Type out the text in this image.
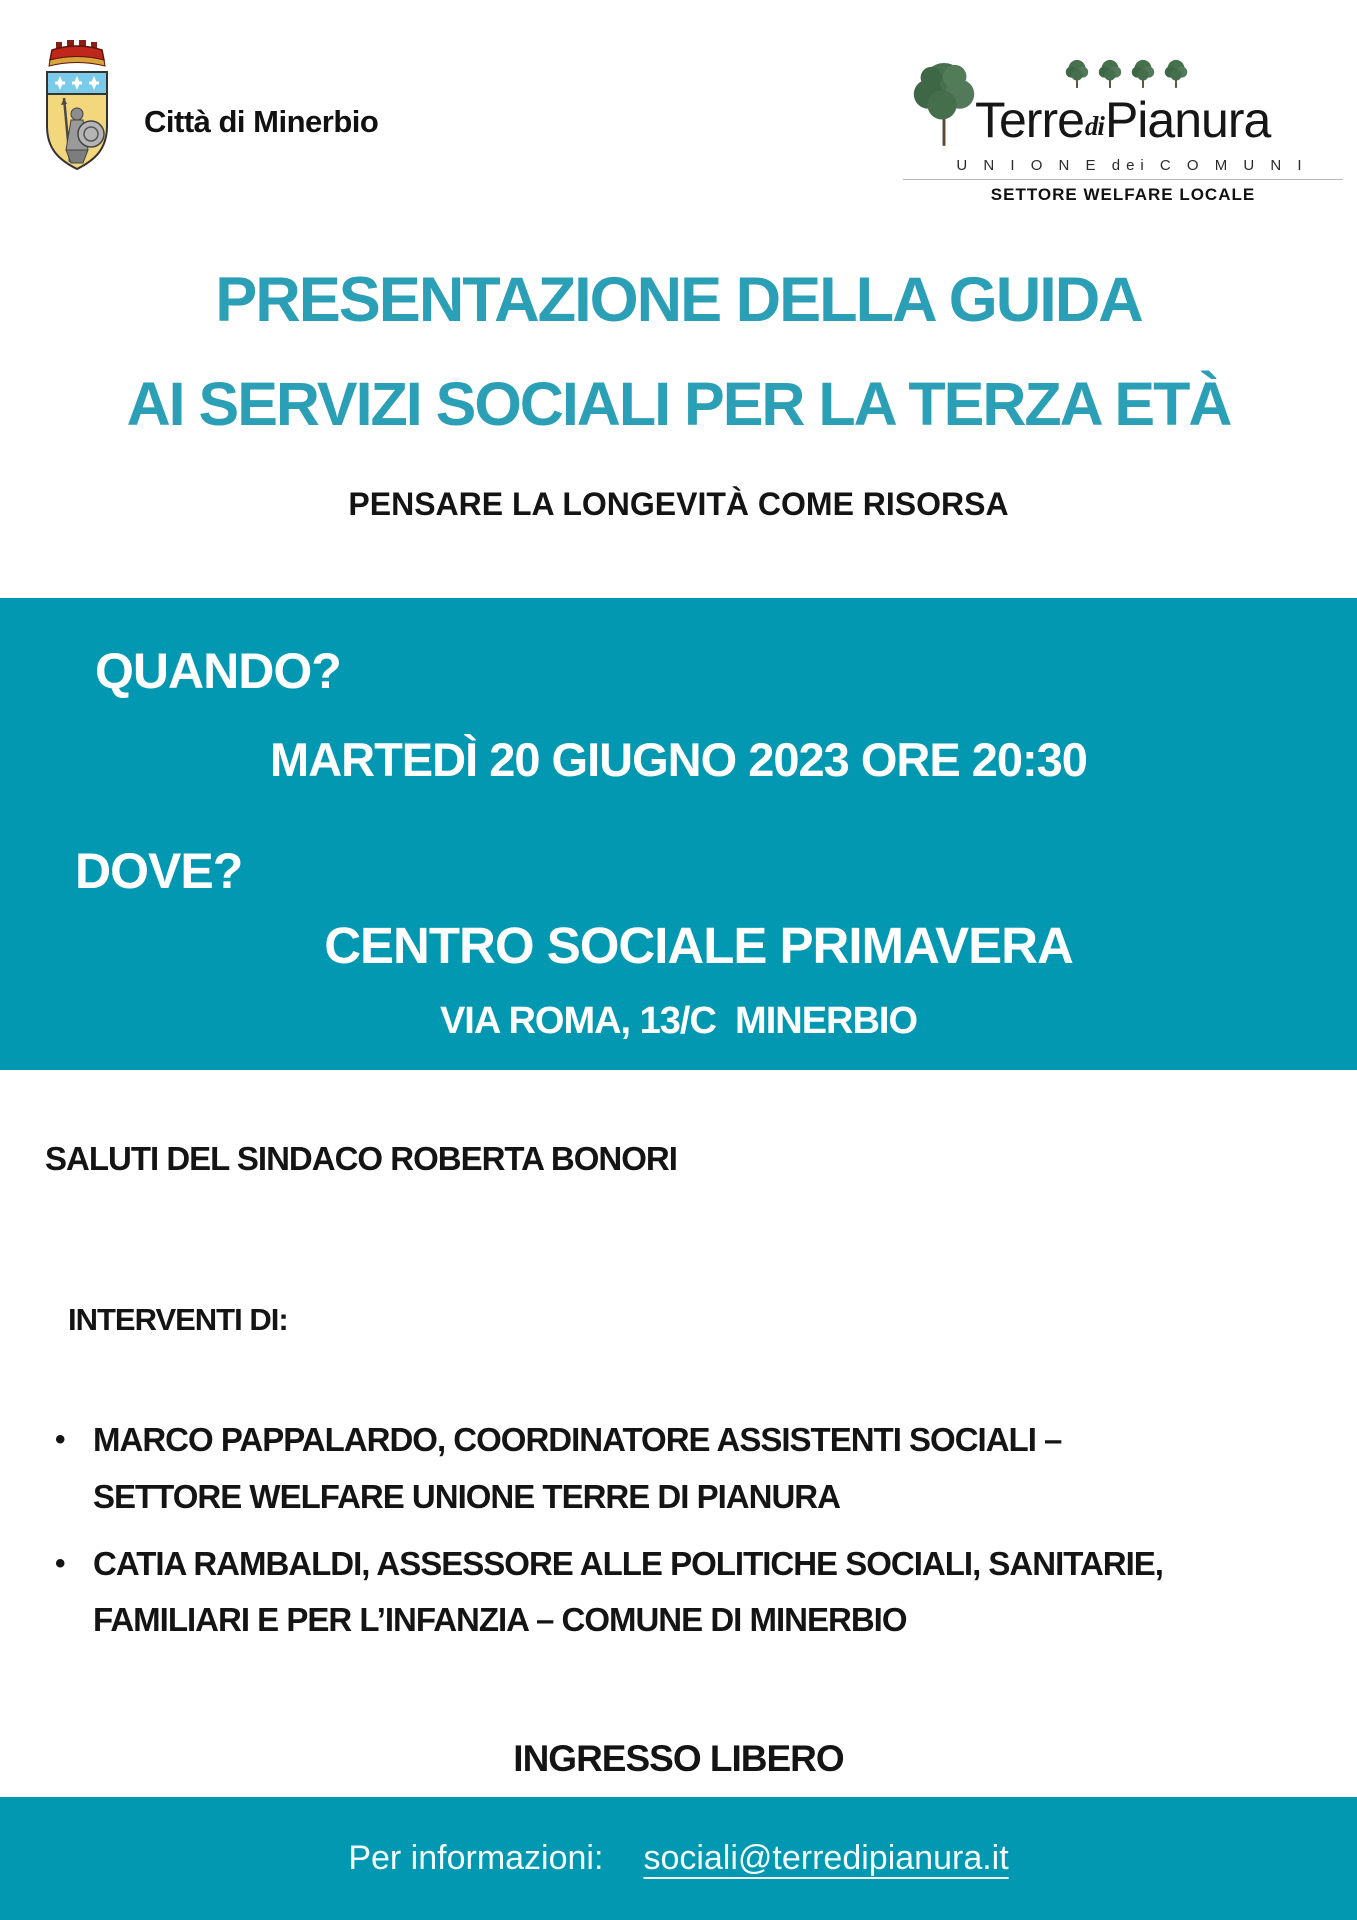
Città di Minerbio	TerrediPianura
U N I O N E dei C O M U N I
SETTORE WELFARE LOCALE
PRESENTAZIONE DELLA GUIDA
AI SERVIZI SOCIALI PER LA TERZA ETÀ
PENSARE LA LONGEVITÀ COME RISORSA
QUANDO?
MARTEDÌ 20 GIUGNO 2023 ORE 20:30
DOVE?
CENTRO SOCIALE PRIMAVERA
VIA ROMA, 13/C  MINERBIO
SALUTI DEL SINDACO ROBERTA BONORI
INTERVENTI DI:
• MARCO PAPPALARDO, COORDINATORE ASSISTENTI SOCIALI –
SETTORE WELFARE UNIONE TERRE DI PIANURA
• CATIA RAMBALDI, ASSESSORE ALLE POLITICHE SOCIALI, SANITARIE,
FAMILIARI E PER L’INFANZIA – COMUNE DI MINERBIO
INGRESSO LIBERO
Per informazioni: sociali@terredipianura.it
